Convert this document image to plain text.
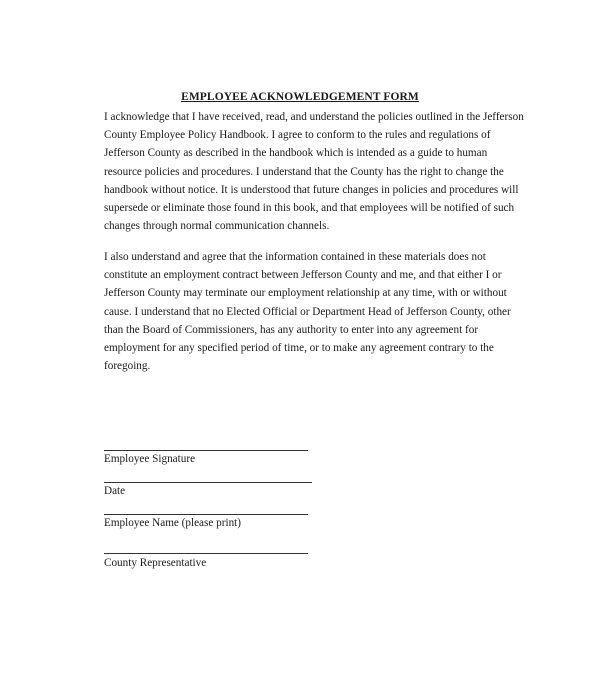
EMPLOYEE ACKNOWLEDGEMENT FORM

I acknowledge that I have received, read, and understand the policies outlined in the Jefferson County Employee Policy Handbook. I agree to conform to the rules and regulations of Jefferson County as described in the handbook which is intended as a guide to human resource policies and procedures. I understand that the County has the right to change the handbook without notice. It is understood that future changes in policies and procedures will supersede or eliminate those found in this book, and that employees will be notified of such changes through normal communication channels.

I also understand and agree that the information contained in these materials does not constitute an employment contract between Jefferson County and me, and that either I or Jefferson County may terminate our employment relationship at any time, with or without cause. I understand that no Elected Official or Department Head of Jefferson County, other than the Board of Commissioners, has any authority to enter into any agreement for employment for any specified period of time, or to make any agreement contrary to the foregoing.

Employee Signature

Date

Employee Name (please print)

County Representative
